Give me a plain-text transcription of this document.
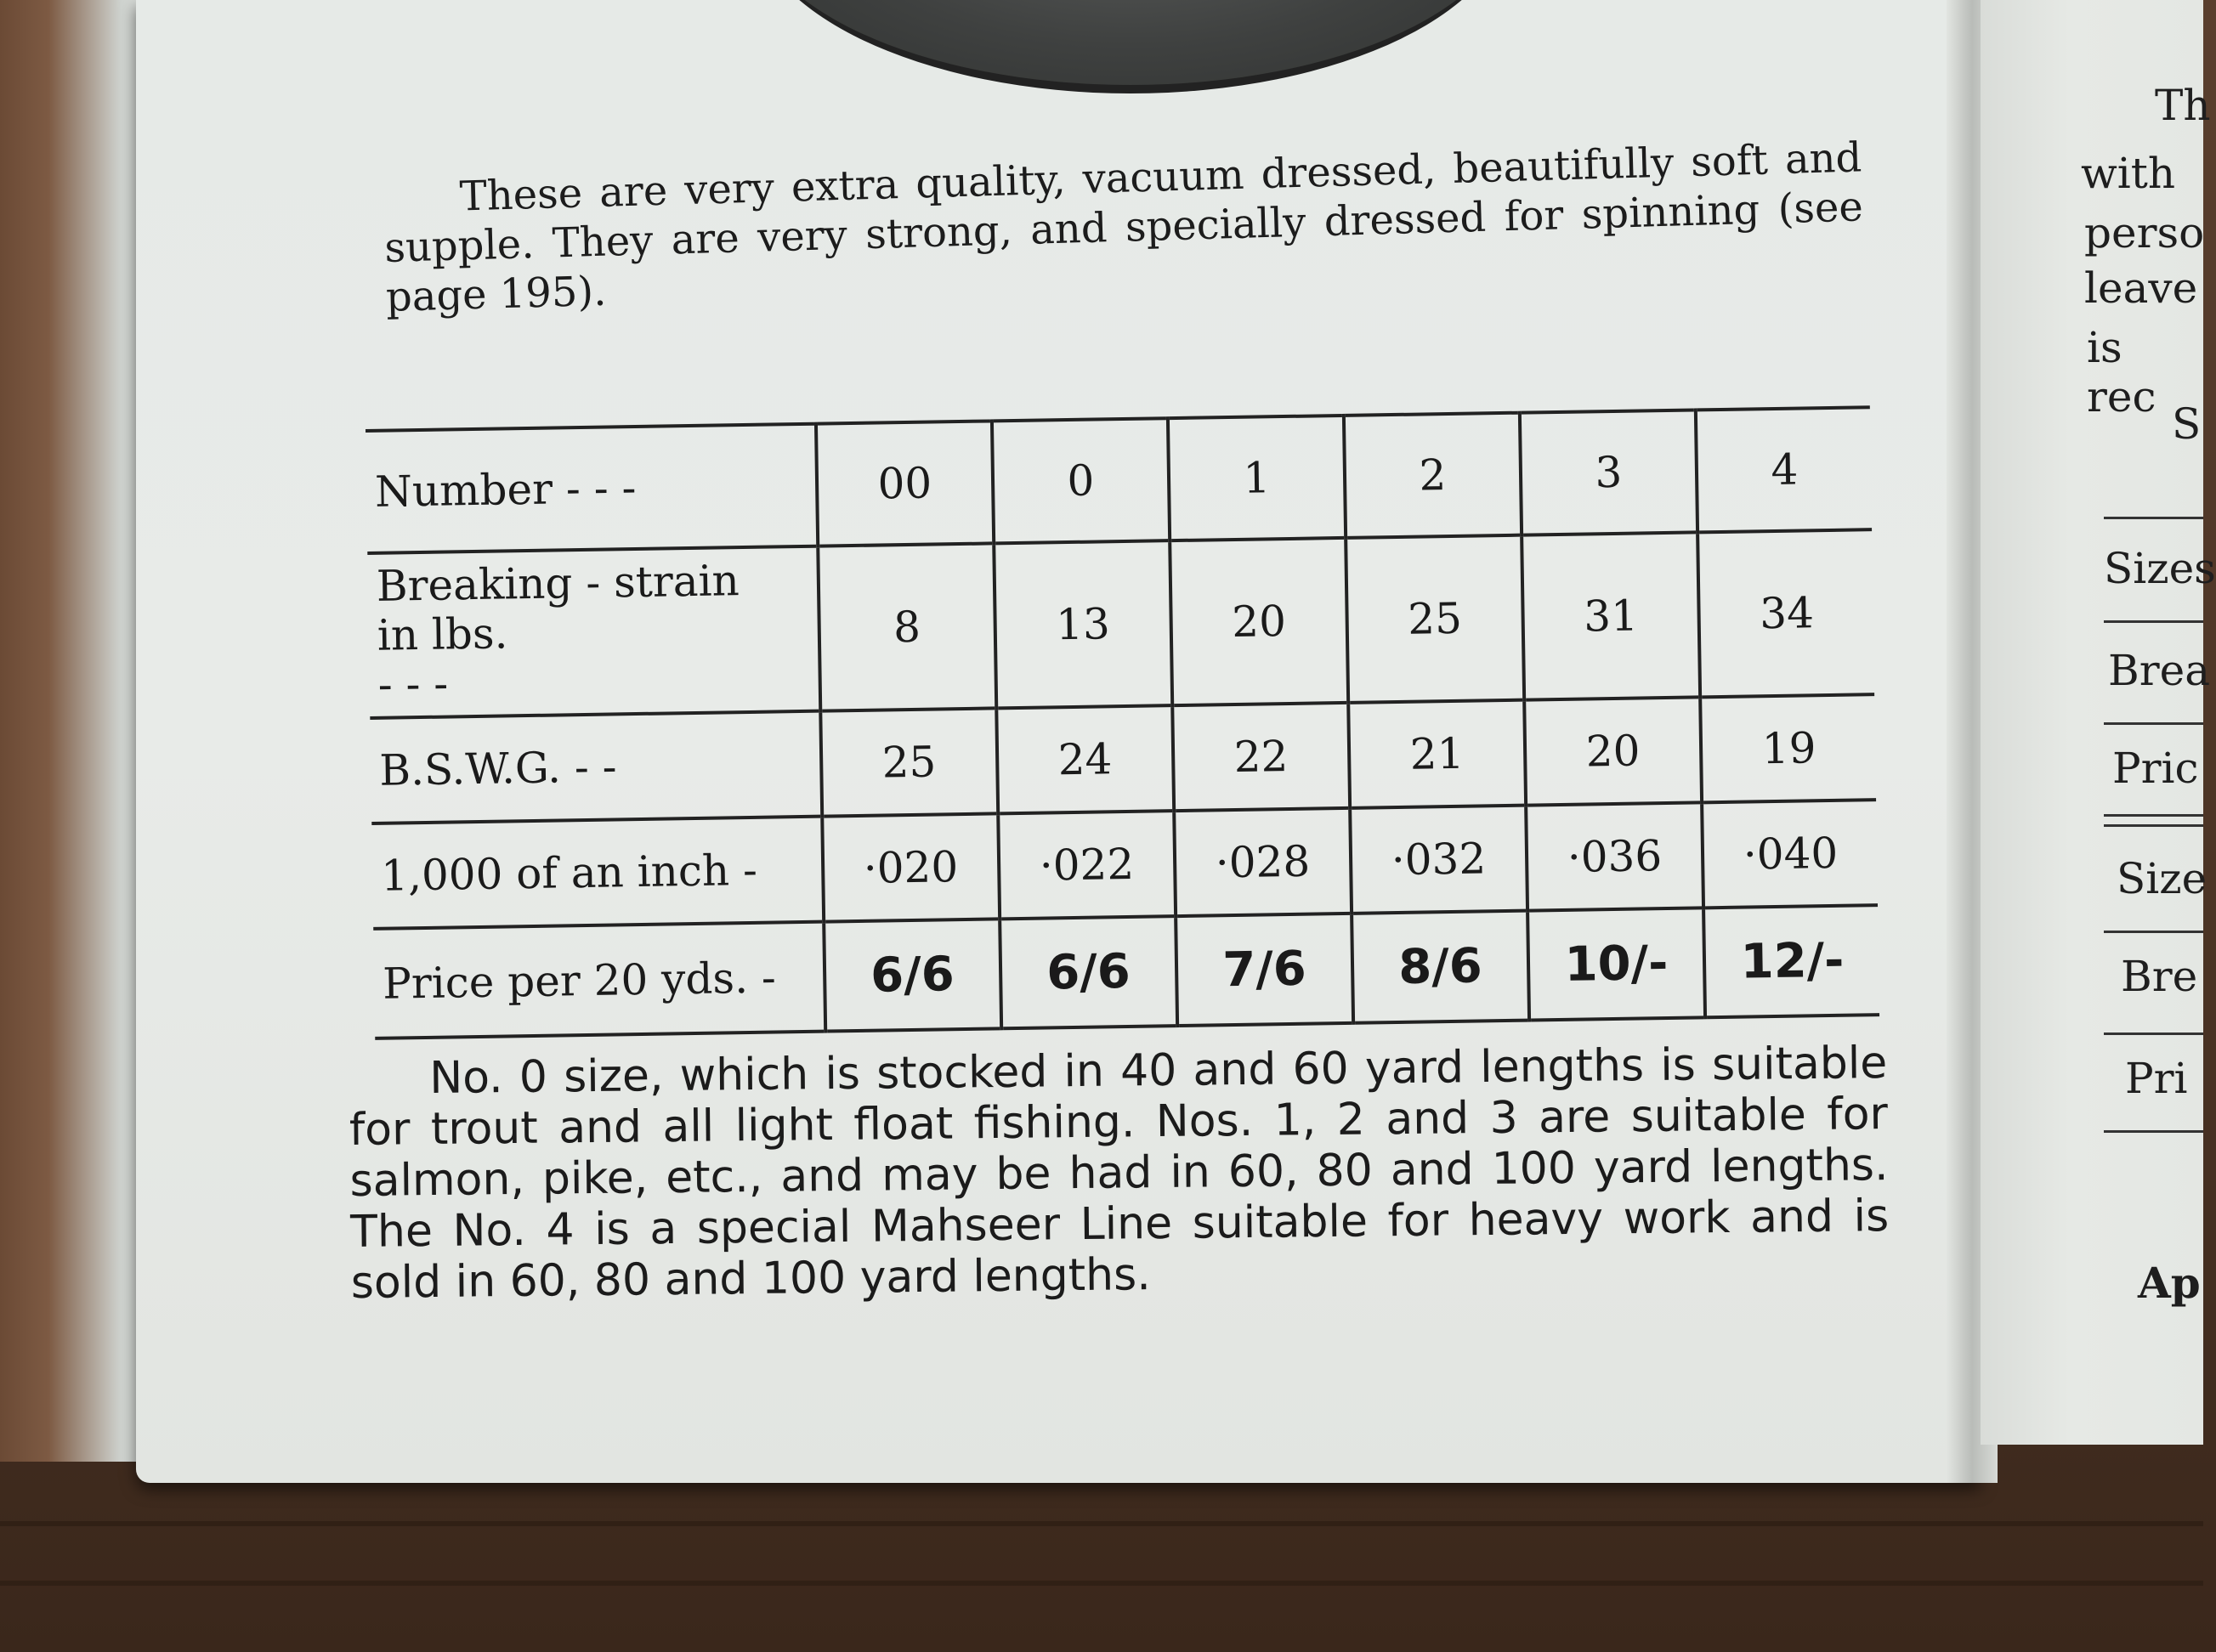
These are very extra quality, vacuum dressed, beautifully soft and supple. They are very strong, and specially dressed for spinning (see page 195).

Number - - -	00	0	1	2	3	4
Breaking - strain in lbs. - - -	8	13	20	25	31	34
B.S.W.G. - -	25	24	22	21	20	19
1,000 of an inch -	·020	·022	·028	·032	·036	·040
Price per 20 yds. -	6/6	6/6	7/6	8/6	10/-	12/-

No. 0 size, which is stocked in 40 and 60 yard lengths is suitable for trout and all light float fishing. Nos. 1, 2 and 3 are suitable for salmon, pike, etc., and may be had in 60, 80 and 100 yard lengths. The No. 4 is a special Mahseer Line suitable for heavy work and is sold in 60, 80 and 100 yard lengths.

Th
with
perso
leave
is rec
S
Sizes
Brea
Pric
Size
Bre
Pri
Ap
